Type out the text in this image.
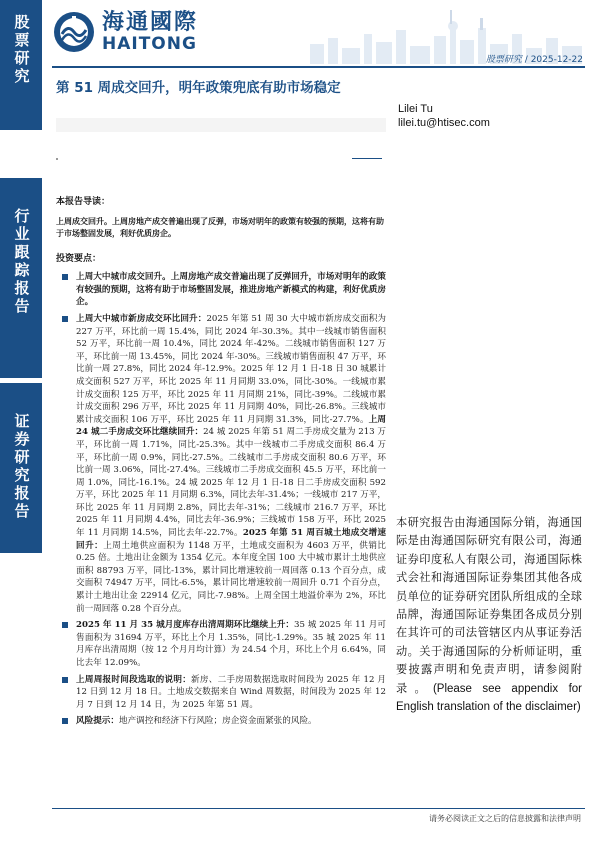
股票研究
行业跟踪报告
证券研究报告
海通國際
HAITONG
股票研究 / 2025-12-22
第 51 周成交回升，明年政策兜底有助市场稳定
Lilei Tu
lilei.tu@htisec.com
本报告导读：
上周成交回升。上周房地产成交普遍出现了反弹，市场对明年的政策有较强的预期，这将有助于市场整固发展，利好优质房企。
投资要点：
上周大中城市成交回升。上周房地产成交普遍出现了反弹回升，市场对明年的政策有较强的预期，这将有助于市场整固发展，推进房地产新模式的构建，利好优质房企。
上周大中城市新房成交环比回升：2025 年第 51 周 30 大中城市新房成交面积为 227 万平，环比前一周 15.4%，同比 2024 年-30.3%。其中一线城市销售面积 52 万平，环比前一周 10.4%，同比 2024 年-42%。二线城市销售面积 127 万平，环比前一周 13.45%，同比 2024 年-30%。三线城市销售面积 47 万平，环比前一周 27.8%，同比 2024 年-12.9%。2025 年 12 月 1 日-18 日 30 城累计成交面积 527 万平，环比 2025 年 11 月同期 33.0%，同比-30%。一线城市累计成交面积 125 万平，环比 2025 年 11 月同期 21%，同比-39%。二线城市累计成交面积 296 万平，环比 2025 年 11 月同期 40%，同比-26.8%。三线城市累计成交面积 106 万平，环比 2025 年 11 月同期 31.3%，同比-27.7%。上周 24 城二手房成交环比继续回升：24 城 2025 年第 51 周二手房成交量为 213 万平，环比前一周 1.71%，同比-25.3%。其中一线城市二手房成交面积 86.4 万平，环比前一周 0.9%，同比-27.5%。二线城市二手房成交面积 80.6 万平，环比前一周 3.06%，同比-27.4%。三线城市二手房成交面积 45.5 万平，环比前一周 1.0%，同比-16.1%。24 城 2025 年 12 月 1 日-18 日二手房成交面积 592 万平，环比 2025 年 11 月同期 6.3%，同比去年-31.4%；一线城市 217 万平，环比 2025 年 11 月同期 2.8%，同比去年-31%；二线城市 216.7 万平，环比 2025 年 11 月同期 4.4%，同比去年-36.9%；三线城市 158 万平，环比 2025 年 11 月同期 14.5%，同比去年-22.7%。2025 年第 51 周百城土地成交增速回升：上周土地供应面积为 1148 万平，土地成交面积为 4603 万平，供销比 0.25 倍。土地出让金额为 1354 亿元。本年度全国 100 大中城市累计土地供应面积 88793 万平，同比-13%，累计同比增速较前一周回落 0.13 个百分点，成交面积 74947 万平，同比-6.5%，累计同比增速较前一周回升 0.71 个百分点，累计土地出让金 22914 亿元，同比-7.98%。上周全国土地溢价率为 2%，环比前一周回落 0.28 个百分点。
2025 年 11 月 35 城月度库存出清周期环比继续上升：35 城 2025 年 11 月可售面积为 31694 万平，环比上个月 1.35%，同比-1.29%。35 城 2025 年 11 月库存出清周期（按 12 个月月均计算）为 24.54 个月，环比上个月 6.64%，同比去年 12.09%。
上周周报时间段选取的说明：新房、二手房周数据选取时间段为 2025 年 12 月 12 日到 12 月 18 日。土地成交数据来自 Wind 周数据，时间段为 2025 年 12 月 7 日到 12 月 14 日，为 2025 年第 51 周。
风险提示：地产调控和经济下行风险；房企资金面紧张的风险。
本研究报告由海通国际分销，海通国际是由海通国际研究有限公司，海通证券印度私人有限公司，海通国际株式会社和海通国际证券集团其他各成员单位的证券研究团队所组成的全球品牌，海通国际证券集团各成员分别在其许可的司法管辖区内从事证券活动。关于海通国际的分析师证明，重要披露声明和免责声明，请参阅附录。(Please see appendix for English translation of the disclaimer)
请务必阅读正文之后的信息披露和法律声明
